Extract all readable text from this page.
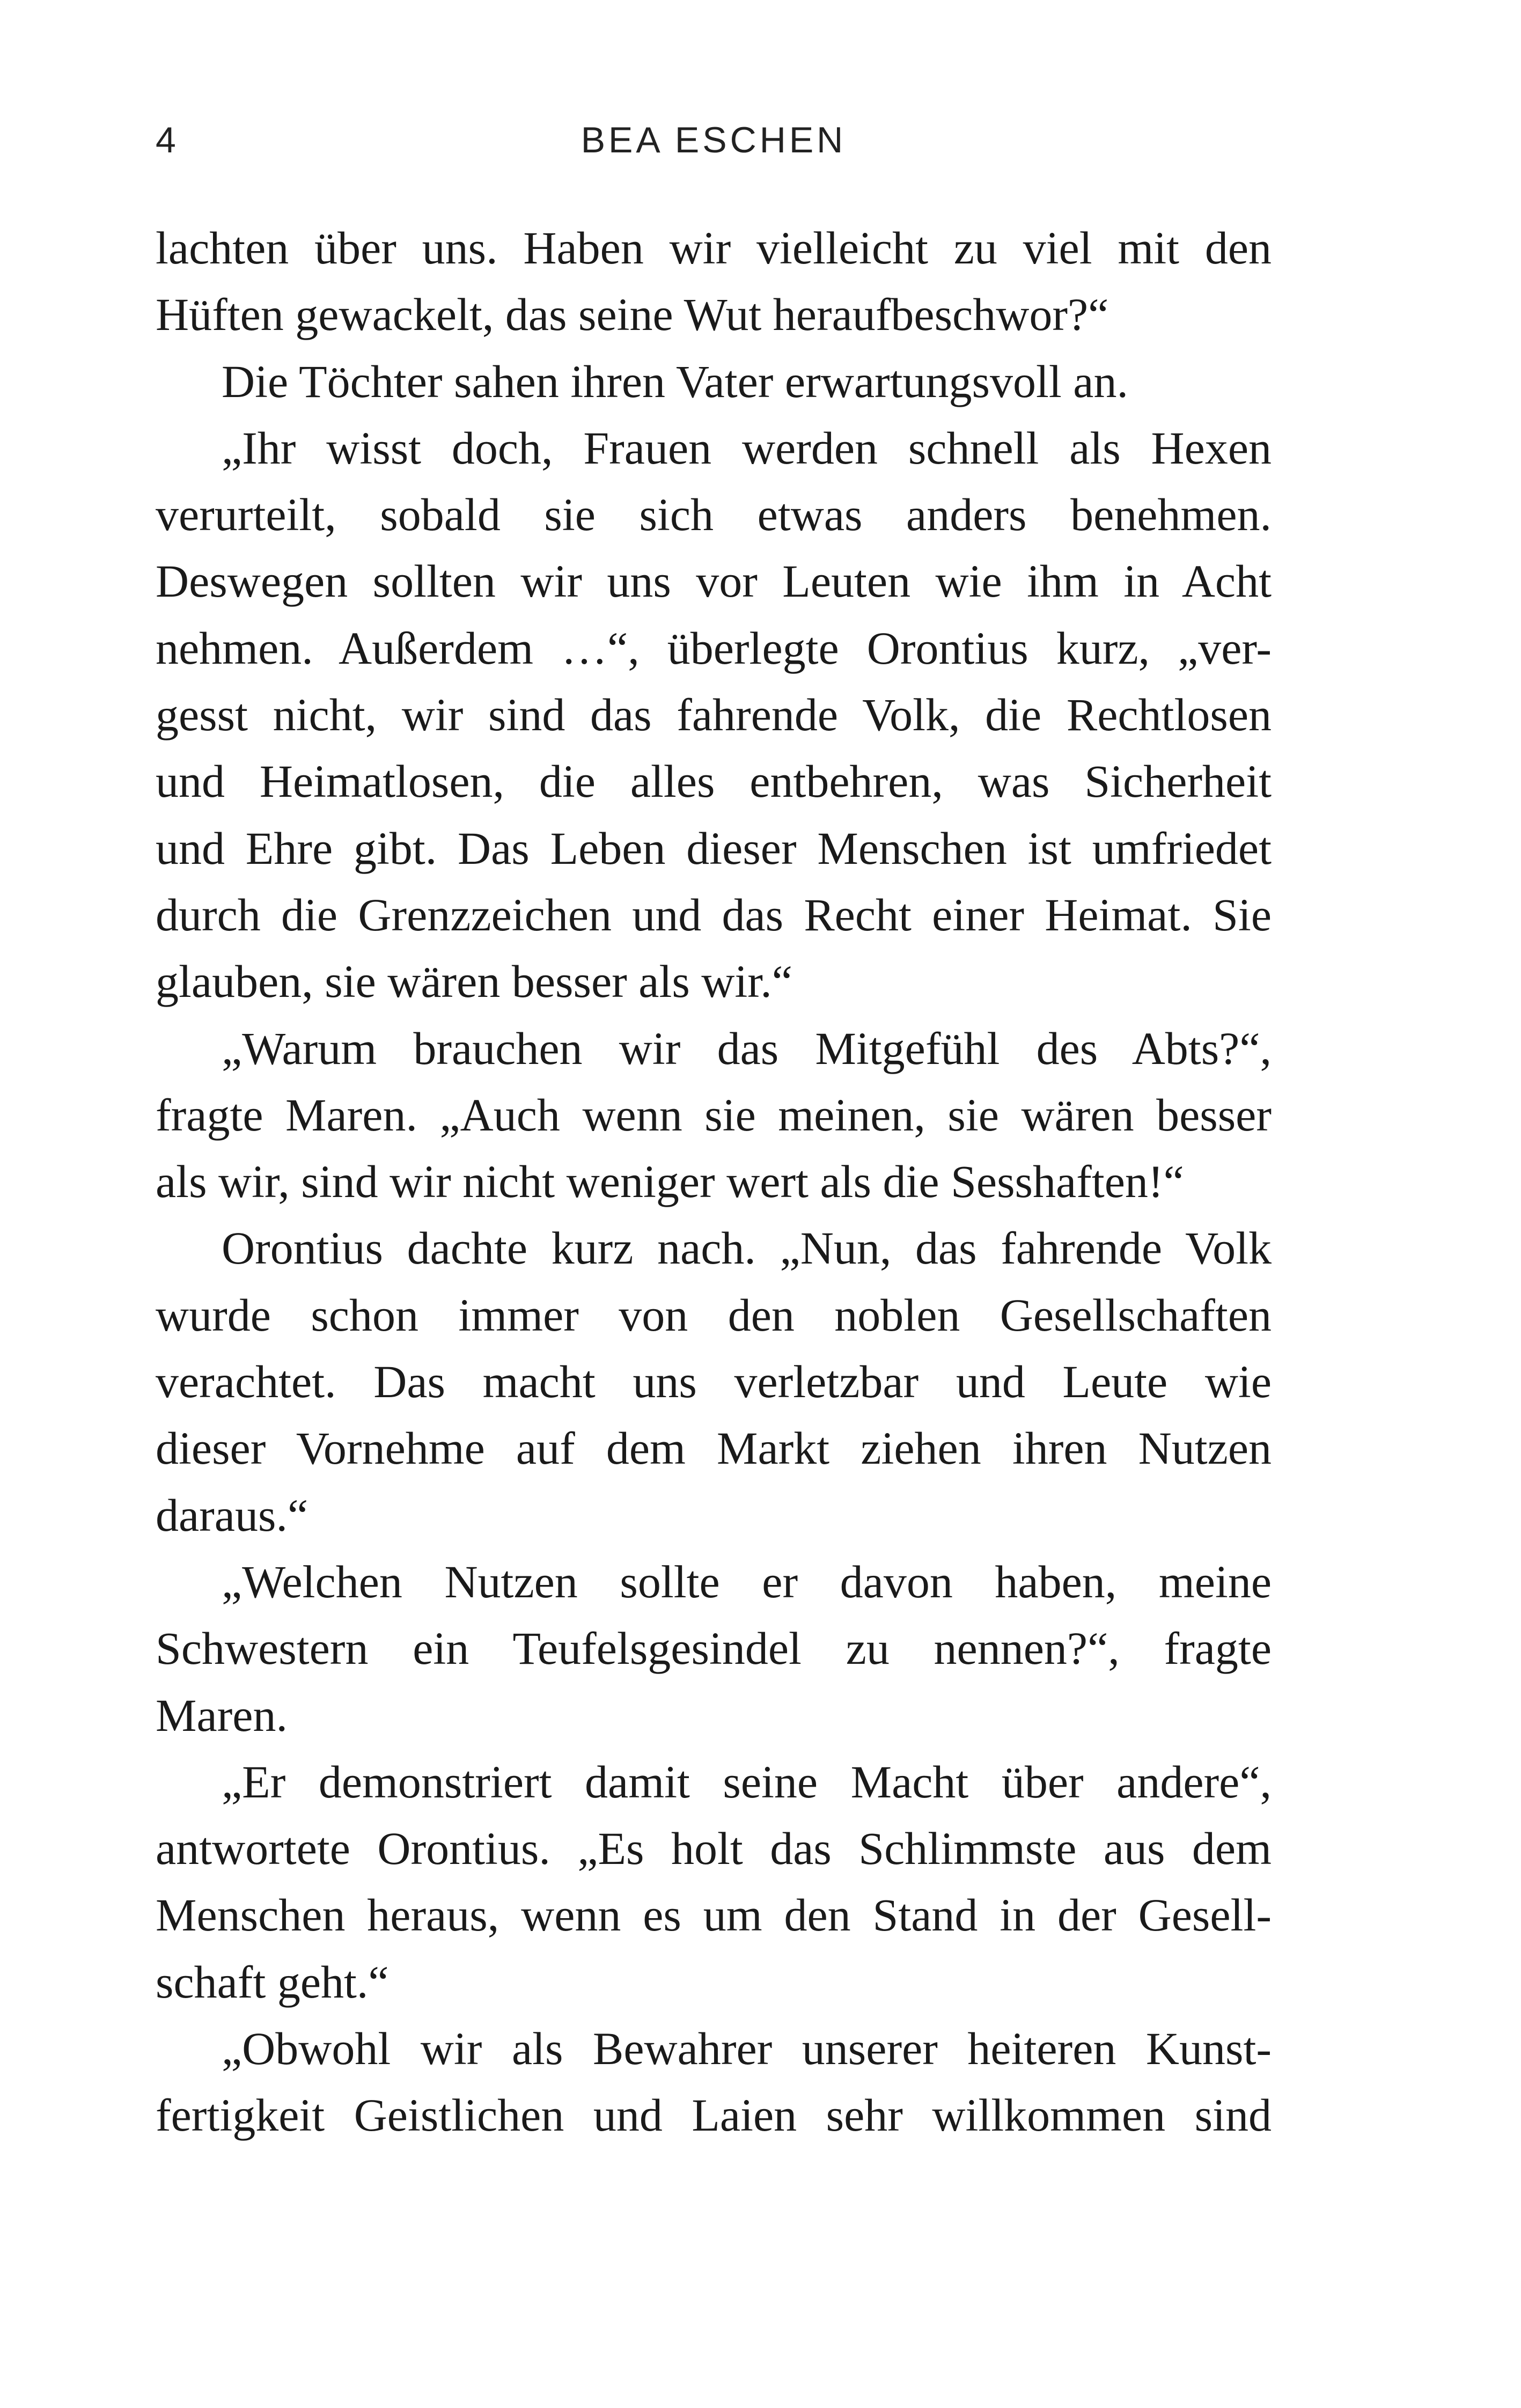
4	BEA ESCHEN
lachten über uns. Haben wir vielleicht zu viel mit den
Hüften gewackelt, das seine Wut heraufbeschwor?“
Die Töchter sahen ihren Vater erwartungsvoll an.
„Ihr wisst doch, Frauen werden schnell als Hexen
verurteilt, sobald sie sich etwas anders benehmen.
Deswegen sollten wir uns vor Leuten wie ihm in Acht
nehmen. Außerdem …“, überlegte Orontius kurz, „ver-
gesst nicht, wir sind das fahrende Volk, die Rechtlosen
und Heimatlosen, die alles entbehren, was Sicherheit
und Ehre gibt. Das Leben dieser Menschen ist umfriedet
durch die Grenzzeichen und das Recht einer Heimat. Sie
glauben, sie wären besser als wir.“
„Warum brauchen wir das Mitgefühl des Abts?“,
fragte Maren. „Auch wenn sie meinen, sie wären besser
als wir, sind wir nicht weniger wert als die Sesshaften!“
Orontius dachte kurz nach. „Nun, das fahrende Volk
wurde schon immer von den noblen Gesellschaften
verachtet. Das macht uns verletzbar und Leute wie
dieser Vornehme auf dem Markt ziehen ihren Nutzen
daraus.“
„Welchen Nutzen sollte er davon haben, meine
Schwestern ein Teufelsgesindel zu nennen?“, fragte
Maren.
„Er demonstriert damit seine Macht über andere“,
antwortete Orontius. „Es holt das Schlimmste aus dem
Menschen heraus, wenn es um den Stand in der Gesell-
schaft geht.“
„Obwohl wir als Bewahrer unserer heiteren Kunst-
fertigkeit Geistlichen und Laien sehr willkommen sind
